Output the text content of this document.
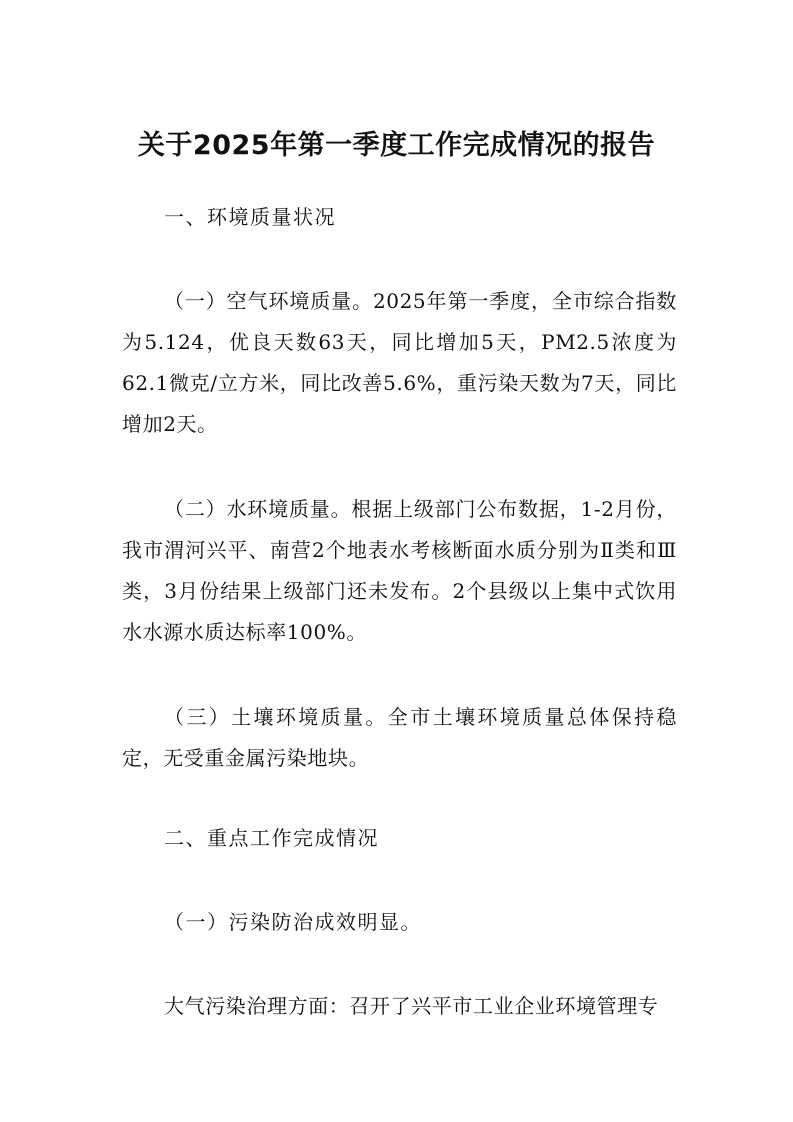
关于2025年第一季度工作完成情况的报告

一、环境质量状况

（一）空气环境质量。2025年第一季度，全市综合指数为5.124，优良天数63天，同比增加5天，PM2.5浓度为62.1微克/立方米，同比改善5.6%，重污染天数为7天，同比增加2天。

（二）水环境质量。根据上级部门公布数据，1-2月份，我市渭河兴平、南营2个地表水考核断面水质分别为Ⅱ类和Ⅲ类，3月份结果上级部门还未发布。2个县级以上集中式饮用水水源水质达标率100%。

（三）土壤环境质量。全市土壤环境质量总体保持稳定，无受重金属污染地块。

二、重点工作完成情况

（一）污染防治成效明显。

大气污染治理方面：召开了兴平市工业企业环境管理专
